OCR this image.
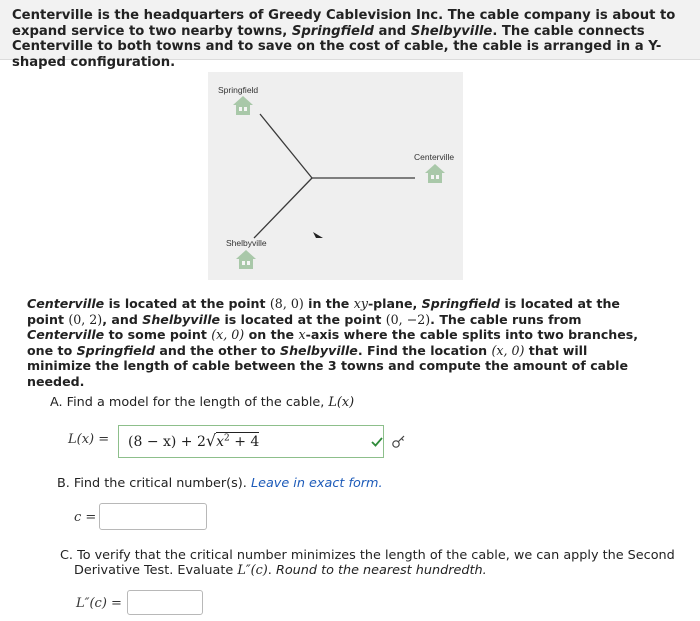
Centerville is the headquarters of Greedy Cablevision Inc. The cable company is about to expand service to two nearby towns, Springfield and Shelbyville. The cable connects Centerville to both towns and to save on the cost of cable, the cable is arranged in a Y-shaped configuration.

Springfield
Centerville
Shelbyville

Centerville is located at the point (8, 0) in the xy-plane, Springfield is located at the point (0, 2), and Shelbyville is located at the point (0, −2). The cable runs from Centerville to some point (x, 0) on the x-axis where the cable splits into two branches, one to Springfield and the other to Shelbyville. Find the location (x, 0) that will minimize the length of cable between the 3 towns and compute the amount of cable needed.

A. Find a model for the length of the cable, L(x)
$L(x) = (8 - x) + 2√x^2 + 4$
B. Find the critical number(s). Leave in exact form.
c =
C. To verify that the critical number minimizes the length of the cable, we can apply the Second
Derivative Test. Evaluate L″(c). Round to the nearest hundredth.
L″(c) =
